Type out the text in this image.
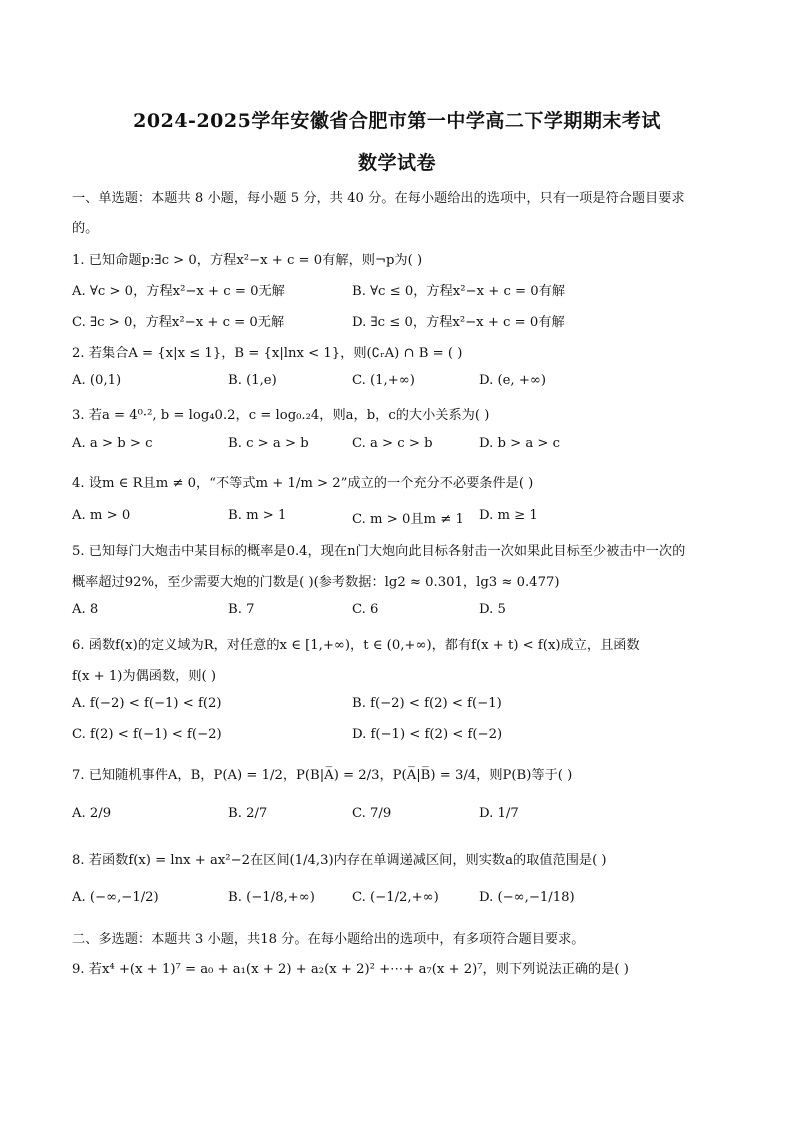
2024-2025学年安徽省合肥市第一中学高二下学期期末考试
数学试卷
一、单选题：本题共 8 小题，每小题 5 分，共 40 分。在每小题给出的选项中，只有一项是符合题目要求
的。
1. 已知命题p:∃c > 0，方程x²−x + c = 0有解，则¬p为( )
A. ∀c > 0，方程x²−x + c = 0无解	B. ∀c ≤ 0，方程x²−x + c = 0有解
C. ∃c > 0，方程x²−x + c = 0无解	D. ∃c ≤ 0，方程x²−x + c = 0有解
2. 若集合A = {x|x ≤ 1}，B = {x|lnx < 1}，则(∁ᵣA) ∩ B = ( )
A. (0,1)	B. (1,e)	C. (1,+∞)	D. (e, +∞)
3. 若a = 4⁰·², b = log₄0.2，c = log₀.₂4，则a，b，c的大小关系为( )
A. a > b > c	B. c > a > b	C. a > c > b	D. b > a > c
4. 设m ∈ R且m ≠ 0，“不等式m + 1/m > 2”成立的一个充分不必要条件是( )
A. m > 0	B. m > 1	C. m > 0且m ≠ 1 D. m ≥ 1
5. 已知每门大炮击中某目标的概率是0.4，现在n门大炮向此目标各射击一次如果此目标至少被击中一次的
概率超过92%，至少需要大炮的门数是( )(参考数据：lg2 ≈ 0.301，lg3 ≈ 0.477)
A. 8	B. 7	C. 6	D. 5
6. 函数f(x)的定义域为R，对任意的x ∈ [1,+∞)，t ∈ (0,+∞)，都有f(x + t) < f(x)成立，且函数
f(x + 1)为偶函数，则( )
A. f(−2) < f(−1) < f(2)	B. f(−2) < f(2) < f(−1)
C. f(2) < f(−1) < f(−2)	D. f(−1) < f(2) < f(−2)
7. 已知随机事件A，B，P(A) = 1/2，P(B|A̅) = 2/3，P(A̅|B̅) = 3/4，则P(B)等于( )
A. 2/9	B. 2/7	C. 7/9	D. 1/7
8. 若函数f(x) = lnx + ax²−2在区间(1/4,3)内存在单调递减区间，则实数a的取值范围是( )
A. (−∞,−1/2)	B. (−1/8,+∞)	C. (−1/2,+∞)	D. (−∞,−1/18)
二、多选题：本题共 3 小题，共18 分。在每小题给出的选项中，有多项符合题目要求。
9. 若x⁴ +(x + 1)⁷ = a₀ + a₁(x + 2) + a₂(x + 2)² +⋯+ a₇(x + 2)⁷，则下列说法正确的是( )
